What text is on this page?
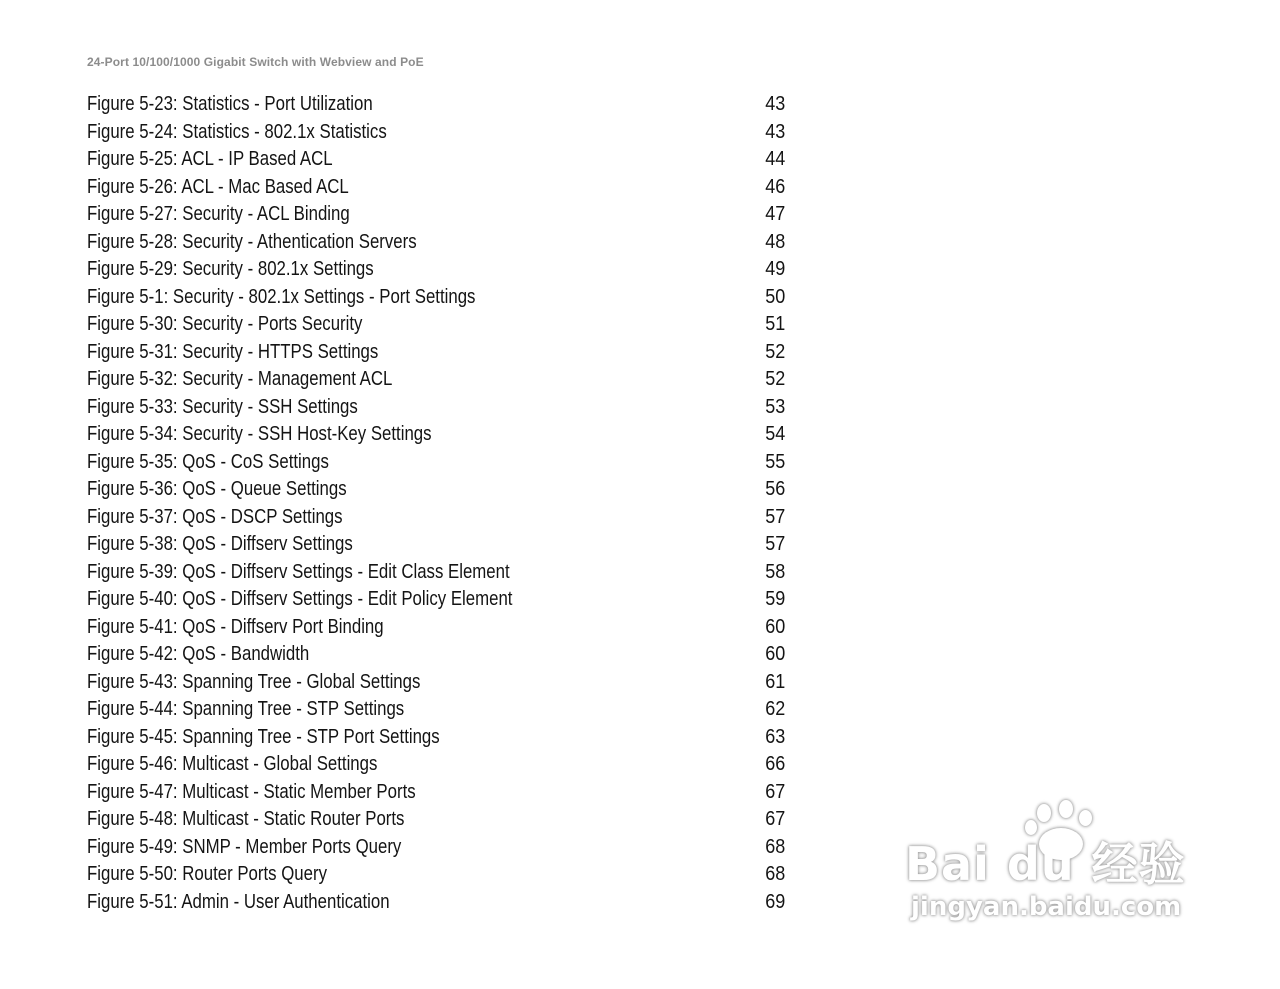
24-Port 10/100/1000 Gigabit Switch with Webview and PoE
Figure 5-23: Statistics - Port Utilization	43
Figure 5-24: Statistics - 802.1x Statistics	43
Figure 5-25: ACL - IP Based ACL	44
Figure 5-26: ACL - Mac Based ACL	46
Figure 5-27: Security - ACL Binding	47
Figure 5-28: Security - Athentication Servers	48
Figure 5-29: Security - 802.1x Settings	49
Figure 5-1: Security - 802.1x Settings - Port Settings	50
Figure 5-30: Security - Ports Security	51
Figure 5-31: Security - HTTPS Settings	52
Figure 5-32: Security - Management ACL	52
Figure 5-33: Security - SSH Settings	53
Figure 5-34: Security - SSH Host-Key Settings	54
Figure 5-35: QoS - CoS Settings	55
Figure 5-36: QoS - Queue Settings	56
Figure 5-37: QoS - DSCP Settings	57
Figure 5-38: QoS - Diffserv Settings	57
Figure 5-39: QoS - Diffserv Settings - Edit Class Element	58
Figure 5-40: QoS - Diffserv Settings - Edit Policy Element	59
Figure 5-41: QoS - Diffserv Port Binding	60
Figure 5-42: QoS - Bandwidth	60
Figure 5-43: Spanning Tree - Global Settings	61
Figure 5-44: Spanning Tree - STP Settings	62
Figure 5-45: Spanning Tree - STP Port Settings	63
Figure 5-46: Multicast - Global Settings	66
Figure 5-47: Multicast - Static Member Ports	67
Figure 5-48: Multicast - Static Router Ports	67
Figure 5-49: SNMP - Member Ports Query	68
Figure 5-50: Router Ports Query	68
Figure 5-51: Admin - User Authentication	69
Bai du 经验
jingyan.baidu.com
